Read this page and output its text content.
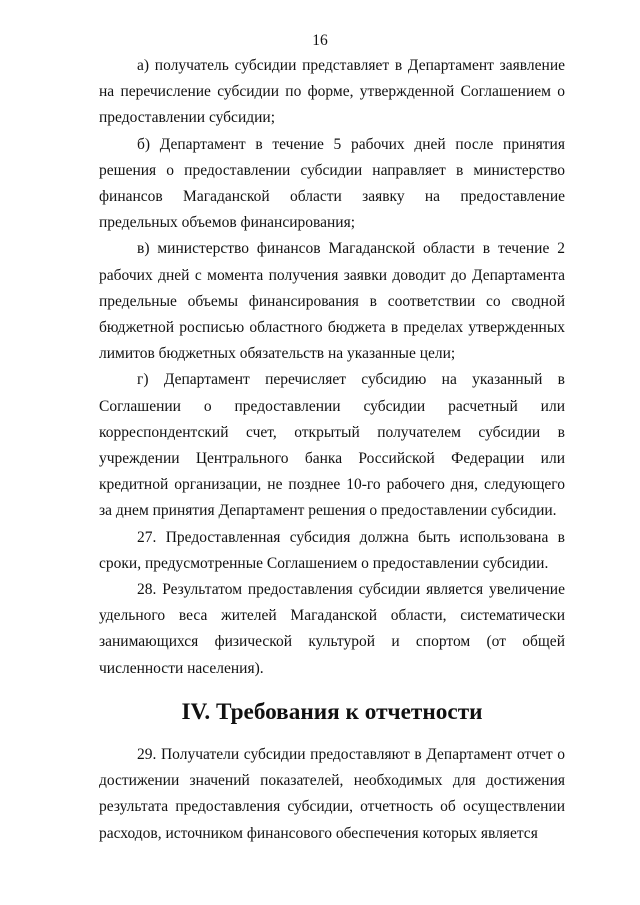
16

а) получатель субсидии представляет в Департамент заявление на перечисление субсидии по форме, утвержденной Соглашением о предоставлении субсидии;

б) Департамент в течение 5 рабочих дней после принятия решения о предоставлении субсидии направляет в министерство финансов Магаданской области заявку на предоставление предельных объемов финансирования;

в) министерство финансов Магаданской области в течение 2 рабочих дней с момента получения заявки доводит до Департамента предельные объемы финансирования в соответствии со сводной бюджетной росписью областного бюджета в пределах утвержденных лимитов бюджетных обязательств на указанные цели;

г) Департамент перечисляет субсидию на указанный в Соглашении о предоставлении субсидии расчетный или корреспондентский счет, открытый получателем субсидии в учреждении Центрального банка Российской Федерации или кредитной организации, не позднее 10-го рабочего дня, следующего за днем принятия Департамент решения о предоставлении субсидии.

27. Предоставленная субсидия должна быть использована в сроки, предусмотренные Соглашением о предоставлении субсидии.

28. Результатом предоставления субсидии является увеличение удельного веса жителей Магаданской области, систематически занимающихся физической культурой и спортом (от общей численности населения).

IV. Требования к отчетности

29. Получатели субсидии предоставляют в Департамент отчет о достижении значений показателей, необходимых для достижения результата предоставления субсидии, отчетность об осуществлении расходов, источником финансового обеспечения которых является
